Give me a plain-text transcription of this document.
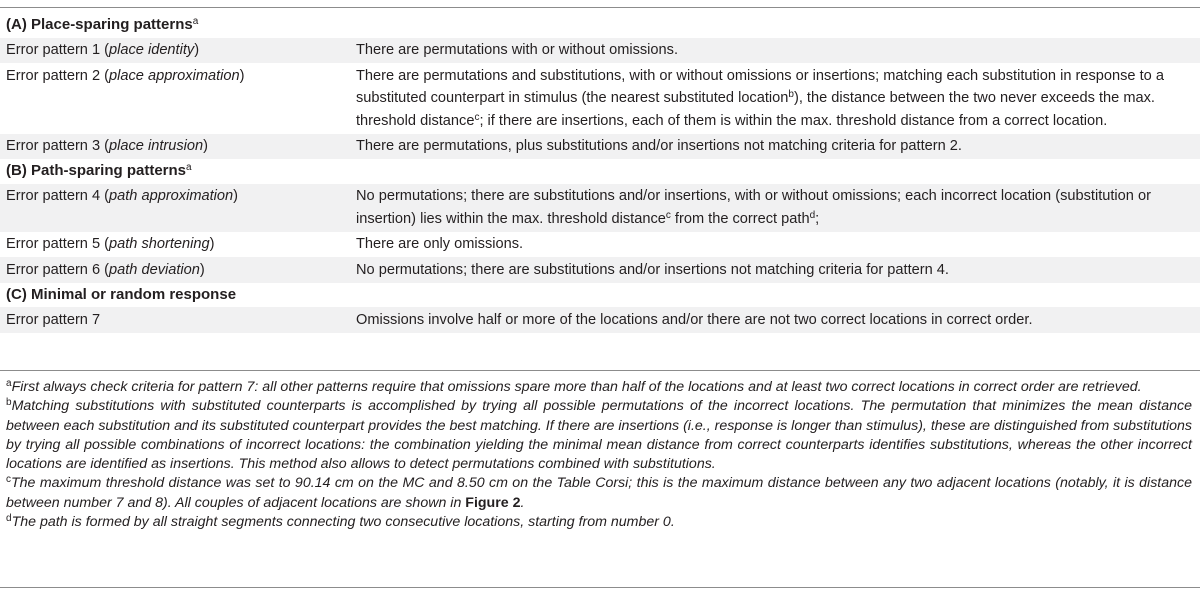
(A) Place-sparing patterns$^a$
Error pattern 1 (place identity)	There are permutations with or without omissions.
Error pattern 2 (place approximation)	There are permutations and substitutions, with or without omissions or insertions; matching each substitution in response to a substituted counterpart in stimulus (the nearest substituted location$^b$), the distance between the two never exceeds the max. threshold distance$^c$; if there are insertions, each of them is within the max. threshold distance from a correct location.
Error pattern 3 (place intrusion)	There are permutations, plus substitutions and/or insertions not matching criteria for pattern 2.
(B) Path-sparing patterns$^a$
Error pattern 4 (path approximation)	No permutations; there are substitutions and/or insertions, with or without omissions; each incorrect location (substitution or insertion) lies within the max. threshold distance$^c$ from the correct path$^d$;
Error pattern 5 (path shortening)	There are only omissions.
Error pattern 6 (path deviation)	No permutations; there are substitutions and/or insertions not matching criteria for pattern 4.
(C) Minimal or random response	
Error pattern 7	Omissions involve half or more of the locations and/or there are not two correct locations in correct order.

$^a$First always check criteria for pattern 7: all other patterns require that omissions spare more than half of the locations and at least two correct locations in correct order are retrieved.

$^b$Matching substitutions with substituted counterparts is accomplished by trying all possible permutations of the incorrect locations. The permutation that minimizes the mean distance between each substitution and its substituted counterpart provides the best matching. If there are insertions (i.e., response is longer than stimulus), these are distinguished from substitutions by trying all possible combinations of incorrect locations: the combination yielding the minimal mean distance from correct counterparts identifies substitutions, whereas the other incorrect locations are identified as insertions. This method also allows to detect permutations combined with substitutions.

$^c$The maximum threshold distance was set to 90.14 cm on the MC and 8.50 cm on the Table Corsi; this is the maximum distance between any two adjacent locations (notably, it is distance between number 7 and 8). All couples of adjacent locations are shown in Figure 2.

$^d$The path is formed by all straight segments connecting two consecutive locations, starting from number 0.
